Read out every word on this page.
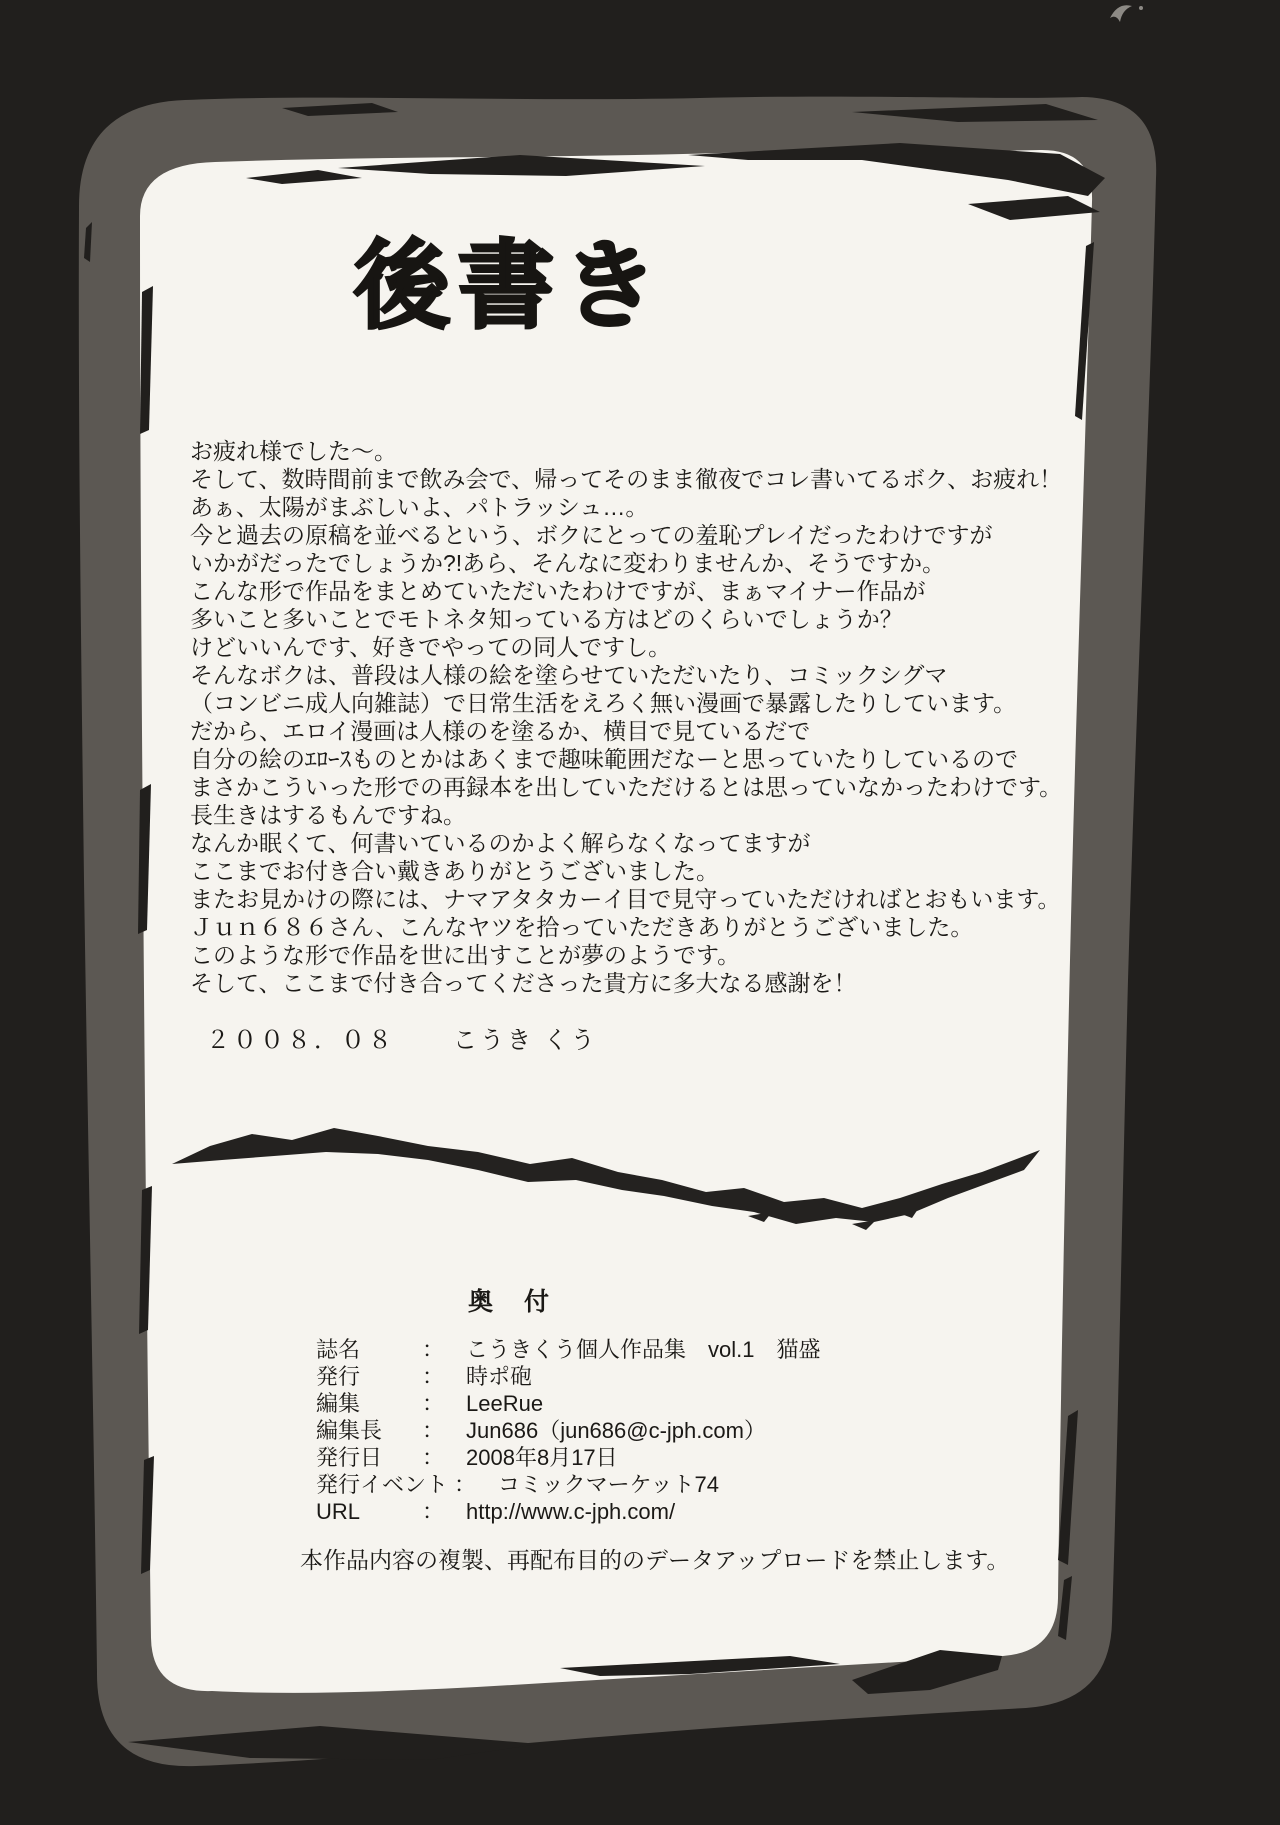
後書き
お疲れ様でした～。
そして、数時間前まで飲み会で、帰ってそのまま徹夜でコレ書いてるボク、お疲れ！
あぁ、太陽がまぶしいよ、パトラッシュ…。
今と過去の原稿を並べるという、ボクにとっての羞恥プレイだったわけですが
いかがだったでしょうか?!あら、そんなに変わりませんか、そうですか。
こんな形で作品をまとめていただいたわけですが、まぁマイナー作品が
多いこと多いことでモトネタ知っている方はどのくらいでしょうか？
けどいいんです、好きでやっての同人ですし。
そんなボクは、普段は人様の絵を塗らせていただいたり、コミックシグマ
（コンビニ成人向雑誌）で日常生活をえろく無い漫画で暴露したりしています。
だから、エロイ漫画は人様のを塗るか、横目で見ているだで
自分の絵のｴﾛｰｽものとかはあくまで趣味範囲だなーと思っていたりしているので
まさかこういった形での再録本を出していただけるとは思っていなかったわけです。
長生きはするもんですね。
なんか眠くて、何書いているのかよく解らなくなってますが
ここまでお付き合い戴きありがとうございました。
またお見かけの際には、ナマアタタカーイ目で見守っていただければとおもいます。
Ｊｕｎ６８６さん、こんなヤツを拾っていただきありがとうございました。
このような形で作品を世に出すことが夢のようです。
そして、ここまで付き合ってくださった貴方に多大なる感謝を！
２００８．０８ こうき くう
奥　付
誌名	： こうきくう個人作品集　vol.1　猫盛
発行	： 時ポ砲
編集	： LeeRue
編集長	： Jun686（jun686@c-jph.com）
発行日	： 2008年8月17日
発行イベント ： コミックマーケット74
URL	： http://www.c-jph.com/
本作品内容の複製、再配布目的のデータアップロードを禁止します。
